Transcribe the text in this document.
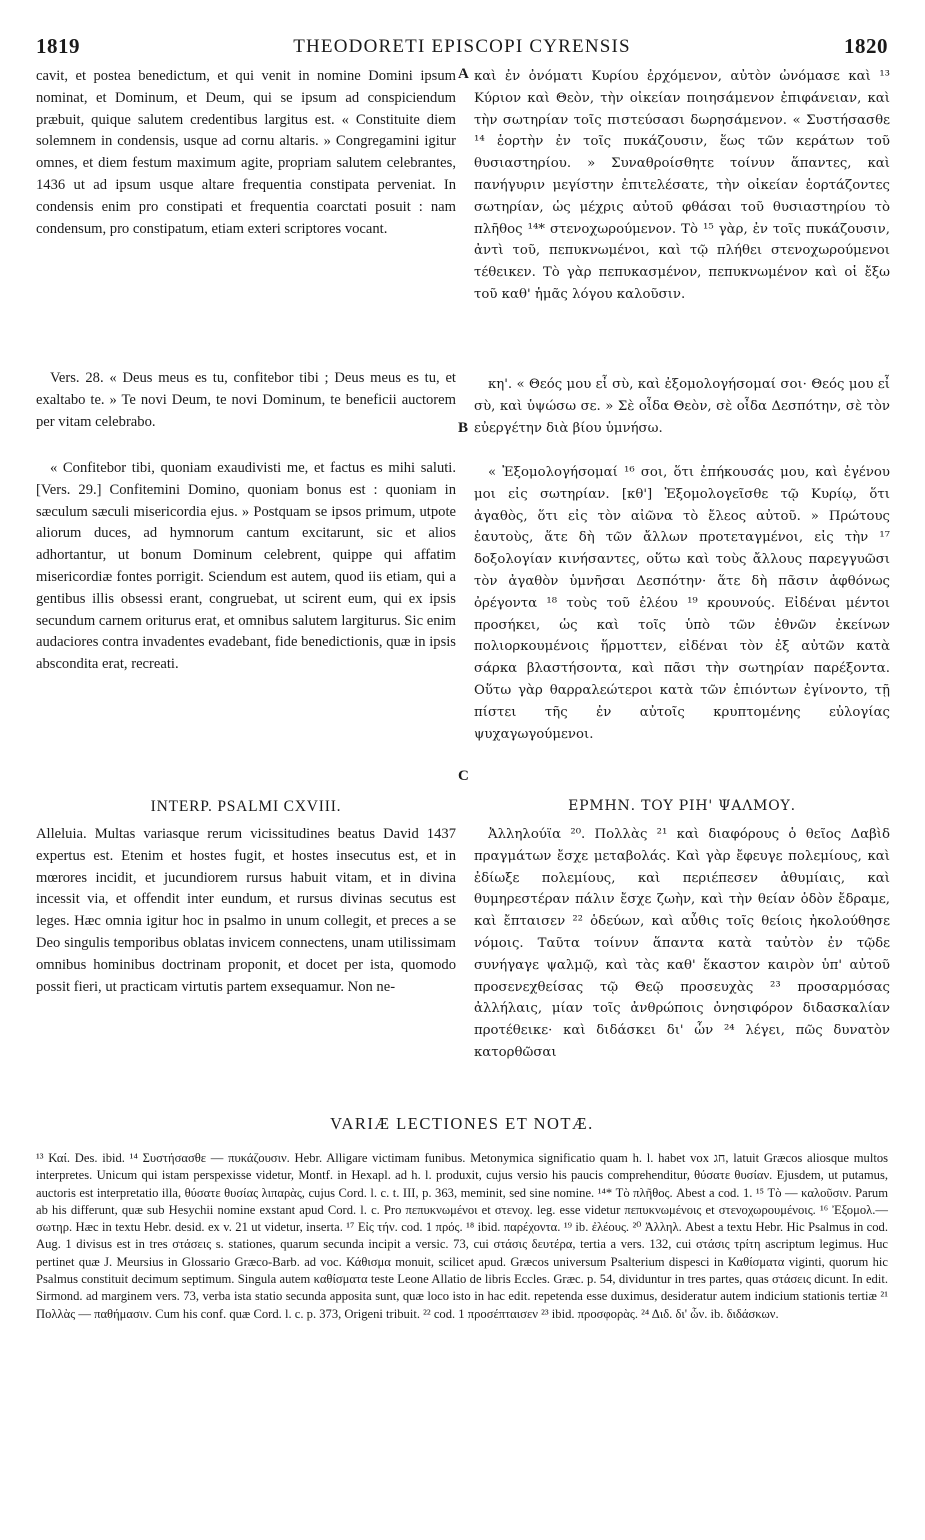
1819	THEODORETI EPISCOPI CYRENSIS	1820

cavit, et postea benedictum, et qui venit in nomine Domini ipsum nominat, et Dominum, et Deum, qui se ipsum ad conspiciendum præbuit, quique salutem credentibus largitus est. « Constituite diem solemnem in condensis, usque ad cornu altaris. » Congregamini igitur omnes, et diem festum maximum agite, propriam salutem celebrantes, 1436 ut ad ipsum usque altare frequentia constipata perveniat. In condensis enim pro constipati et frequentia coarctati posuit : nam condensum, pro constipatum, etiam exteri scriptores vocant.

Vers. 28. « Deus meus es tu, confitebor tibi ; Deus meus es tu, et exaltabo te. » Te novi Deum, te novi Dominum, te beneficii auctorem per vitam celebrabo.

« Confitebor tibi, quoniam exaudivisti me, et factus es mihi saluti. [Vers. 29.] Confitemini Domino, quoniam bonus est : quoniam in sæculum sæculi misericordia ejus. » Postquam se ipsos primum, utpote aliorum duces, ad hymnorum cantum excitarunt, sic et alios adhortantur, ut bonum Dominum celebrent, quippe qui affatim misericordiæ fontes porrigit. Sciendum est autem, quod iis etiam, qui a gentibus illis obsessi erant, congruebat, ut scirent eum, qui ex ipsis secundum carnem oriturus erat, et omnibus salutem largiturus. Sic enim audaciores contra invadentes evadebant, fide benedictionis, quæ in ipsis abscondita erat, recreati.

INTERP. PSALMI CXVIII.

Alleluia. Multas variasque rerum vicissitudines beatus David 1437 expertus est. Etenim et hostes fugit, et hostes insecutus est, et in mœrores incidit, et jucundiorem rursus habuit vitam, et in divina incessit via, et offendit inter eundum, et rursus divinas secutus est leges. Hæc omnia igitur hoc in psalmo in unum collegit, et preces a se Deo singulis temporibus oblatas invicem connectens, unam utilissimam omnibus hominibus doctrinam proponit, et docet per ista, quomodo possit fieri, ut practicam virtutis partem exsequamur. Non ne-

A
B
C

καὶ ἐν ὀνόματι Κυρίου ἐρχόμενον, αὐτὸν ὠνόμασε καὶ ¹³ Κύριον καὶ Θεὸν, τὴν οἰκείαν ποιησάμενον ἐπιφάνειαν, καὶ τὴν σωτηρίαν τοῖς πιστεύσασι δωρησάμενον. « Συστήσασθε ¹⁴ ἑορτὴν ἐν τοῖς πυκάζουσιν, ἕως τῶν κεράτων τοῦ θυσιαστηρίου. » Συναθροίσθητε τοίνυν ἅπαντες, καὶ πανήγυριν μεγίστην ἐπιτελέσατε, τὴν οἰκείαν ἑορτάζοντες σωτηρίαν, ὡς μέχρις αὐτοῦ φθάσαι τοῦ θυσιαστηρίου τὸ πλῆθος ¹⁴* στενοχωρούμενον. Τὸ ¹⁵ γὰρ, ἐν τοῖς πυκάζουσιν, ἀντὶ τοῦ, πεπυκνωμένοι, καὶ τῷ πλήθει στενοχωρούμενοι τέθεικεν. Τὸ γὰρ πεπυκασμένον, πεπυκνωμένον καὶ οἱ ἔξω τοῦ καθ' ἡμᾶς λόγου καλοῦσιν.

κη'. « Θεός μου εἶ σὺ, καὶ ἐξομολογήσομαί σοι· Θεός μου εἶ σὺ, καὶ ὑψώσω σε. » Σὲ οἶδα Θεὸν, σὲ οἶδα Δεσπότην, σὲ τὸν εὐεργέτην διὰ βίου ὑμνήσω.

« Ἐξομολογήσομαί ¹⁶ σοι, ὅτι ἐπήκουσάς μου, καὶ ἐγένου μοι εἰς σωτηρίαν. [κθ'] Ἐξομολογεῖσθε τῷ Κυρίῳ, ὅτι ἀγαθὸς, ὅτι εἰς τὸν αἰῶνα τὸ ἔλεος αὐτοῦ. » Πρώτους ἑαυτοὺς, ἅτε δὴ τῶν ἄλλων προτεταγμένοι, εἰς τὴν ¹⁷ δοξολογίαν κινήσαντες, οὕτω καὶ τοὺς ἄλλους παρεγγυῶσι τὸν ἀγαθὸν ὑμνῆσαι Δεσπότην· ἅτε δὴ πᾶσιν ἀφθόνως ὀρέγοντα ¹⁸ τοὺς τοῦ ἐλέου ¹⁹ κρουνούς. Εἰδέναι μέντοι προσήκει, ὡς καὶ τοῖς ὑπὸ τῶν ἐθνῶν ἐκείνων πολιορκουμένοις ἥρμοττεν, εἰδέναι τὸν ἐξ αὐτῶν κατὰ σάρκα βλαστήσοντα, καὶ πᾶσι τὴν σωτηρίαν παρέξοντα. Οὕτω γὰρ θαρραλεώτεροι κατὰ τῶν ἐπιόντων ἐγίνοντο, τῇ πίστει τῆς ἐν αὐτοῖς κρυπτομένης εὐλογίας ψυχαγωγούμενοι.

ΕΡΜΗΝ. ΤΟΥ ΡΙΗ' ΨΑΛΜΟΥ.

Ἀλληλούϊα ²⁰. Πολλὰς ²¹ καὶ διαφόρους ὁ θεῖος Δαβὶδ πραγμάτων ἔσχε μεταβολάς. Καὶ γὰρ ἔφευγε πολεμίους, καὶ ἐδίωξε πολεμίους, καὶ περιέπεσεν ἀθυμίαις, καὶ θυμηρεστέραν πάλιν ἔσχε ζωὴν, καὶ τὴν θείαν ὁδὸν ἔδραμε, καὶ ἔπταισεν ²² ὁδεύων, καὶ αὖθις τοῖς θείοις ἠκολούθησε νόμοις. Ταῦτα τοίνυν ἅπαντα κατὰ ταὐτὸν ἐν τῷδε συνήγαγε ψαλμῷ, καὶ τὰς καθ' ἕκαστον καιρὸν ὑπ' αὐτοῦ προσενεχθείσας τῷ Θεῷ προσευχὰς ²³ προσαρμόσας ἀλλήλαις, μίαν τοῖς ἀνθρώποις ὀνησιφόρον διδασκαλίαν προτέθεικε· καὶ διδάσκει δι' ὧν ²⁴ λέγει, πῶς δυνατὸν κατορθῶσαι

VARIÆ LECTIONES ET NOTÆ.

¹³ Καί. Des. ibid. ¹⁴ Συστήσασθε — πυκάζουσιν. Hebr. Alligare victimam funibus. Metonymica significatio quam h. l. habet vox חג, latuit Græcos aliosque multos interpretes. Unicum qui istam perspexisse videtur, Montf. in Hexapl. ad h. l. produxit, cujus versio his paucis comprehenditur, θύσατε θυσίαν. Ejusdem, ut putamus, auctoris est interpretatio illa, θύσατε θυσίας λιπαρὰς, cujus Cord. l. c. t. III, p. 363, meminit, sed sine nomine. ¹⁴* Τὸ πλῆθος. Abest a cod. 1. ¹⁵ Τὸ — καλοῦσιν. Parum ab his differunt, quæ sub Hesychii nomine exstant apud Cord. l. c. Pro πεπυκνωμένοι et στενοχ. leg. esse videtur πεπυκνωμένοις et στενοχωρουμένοις. ¹⁶ Ἐξομολ.—σωτηρ. Hæc in textu Hebr. desid. ex v. 21 ut videtur, inserta. ¹⁷ Εἰς τήν. cod. 1 πρός. ¹⁸ ibid. παρέχοντα. ¹⁹ ib. ἐλέους. ²⁰ Ἀλληλ. Abest a textu Hebr. Hic Psalmus in cod. Aug. 1 divisus est in tres στάσεις s. stationes, quarum secunda incipit a versic. 73, cui στάσις δευτέρα, tertia a vers. 132, cui στάσις τρίτη ascriptum legimus. Huc pertinet quæ J. Meursius in Glossario Græco-Barb. ad voc. Κάθισμα monuit, scilicet apud. Græcos universum Psalterium dispesci in Καθίσματα viginti, quorum hic Psalmus constituit decimum septimum. Singula autem καθίσματα teste Leone Allatio de libris Eccles. Græc. p. 54, dividuntur in tres partes, quas στάσεις dicunt. In edit. Sirmond. ad marginem vers. 73, verba ista statio secunda apposita sunt, quæ loco isto in hac edit. repetenda esse duximus, desideratur autem indicium stationis tertiæ ²¹ Πολλὰς — παθήμασιν. Cum his conf. quæ Cord. l. c. p. 373, Origeni tribuit. ²² cod. 1 προσέπταισεν ²³ ibid. προσφορὰς. ²⁴ Διδ. δι' ὧν. ib. διδάσκων.
